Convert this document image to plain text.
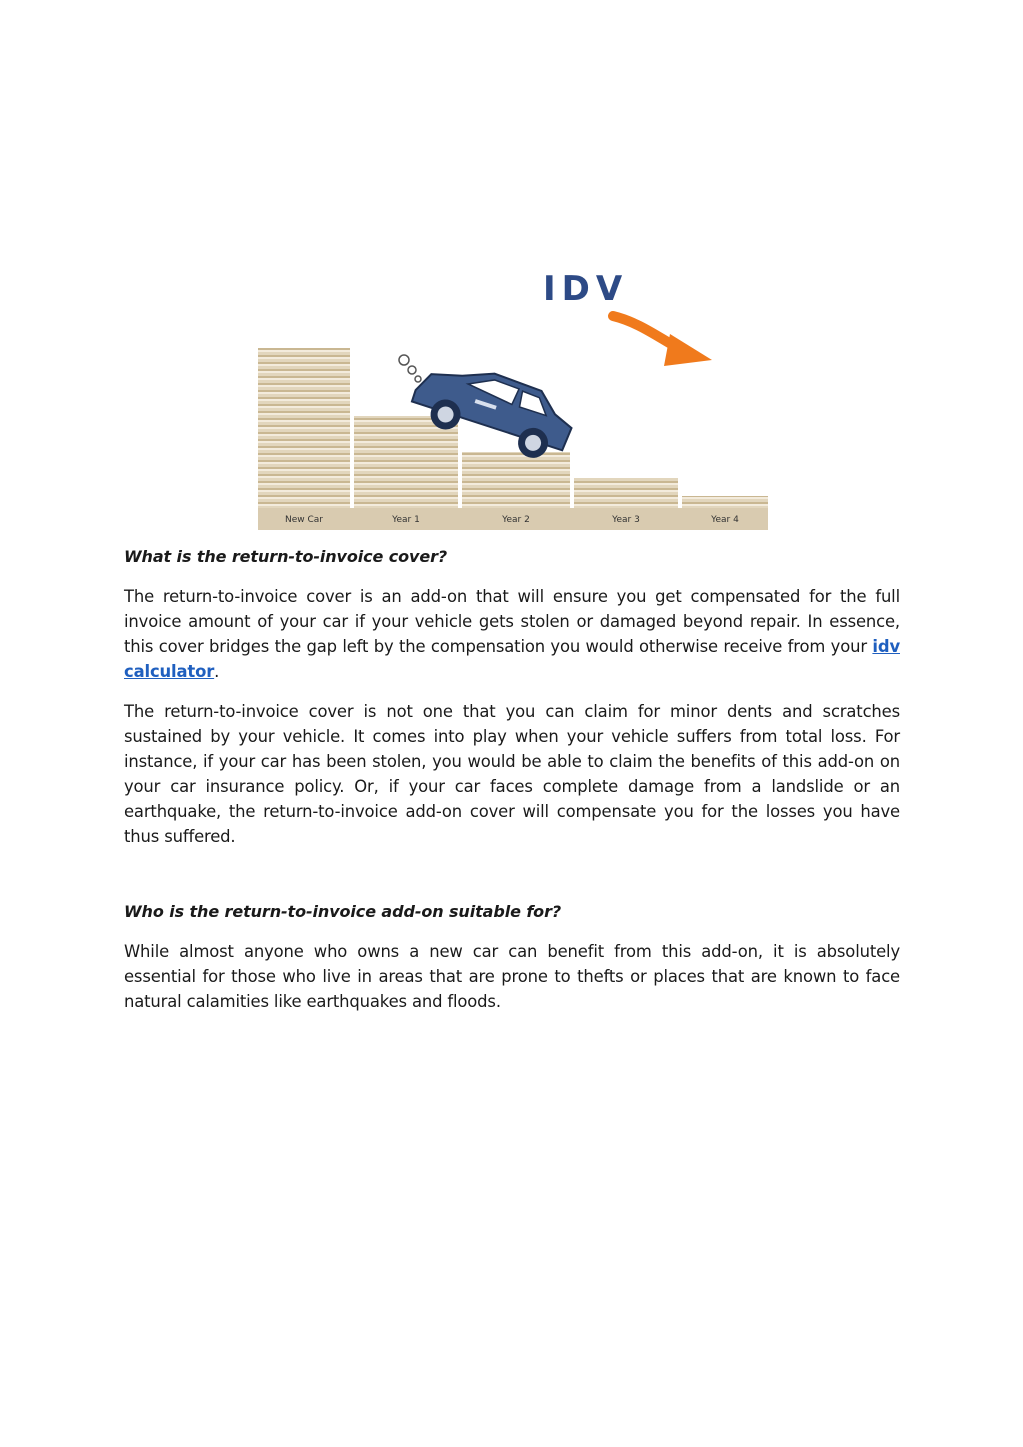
IDV
New Car	Year 1	Year 2	Year 3	Year 4
What is the return-to-invoice cover?

The return-to-invoice cover is an add-on that will ensure you get compensated for the full invoice amount of your car if your vehicle gets stolen or damaged beyond repair. In essence, this cover bridges the gap left by the compensation you would otherwise receive from your idv calculator.

The return-to-invoice cover is not one that you can claim for minor dents and scratches sustained by your vehicle. It comes into play when your vehicle suffers from total loss. For instance, if your car has been stolen, you would be able to claim the benefits of this add-on on your car insurance policy. Or, if your car faces complete damage from a landslide or an earthquake, the return-to-invoice add-on cover will compensate you for the losses you have thus suffered.

Who is the return-to-invoice add-on suitable for?

While almost anyone who owns a new car can benefit from this add-on, it is absolutely essential for those who live in areas that are prone to thefts or places that are known to face natural calamities like earthquakes and floods.
